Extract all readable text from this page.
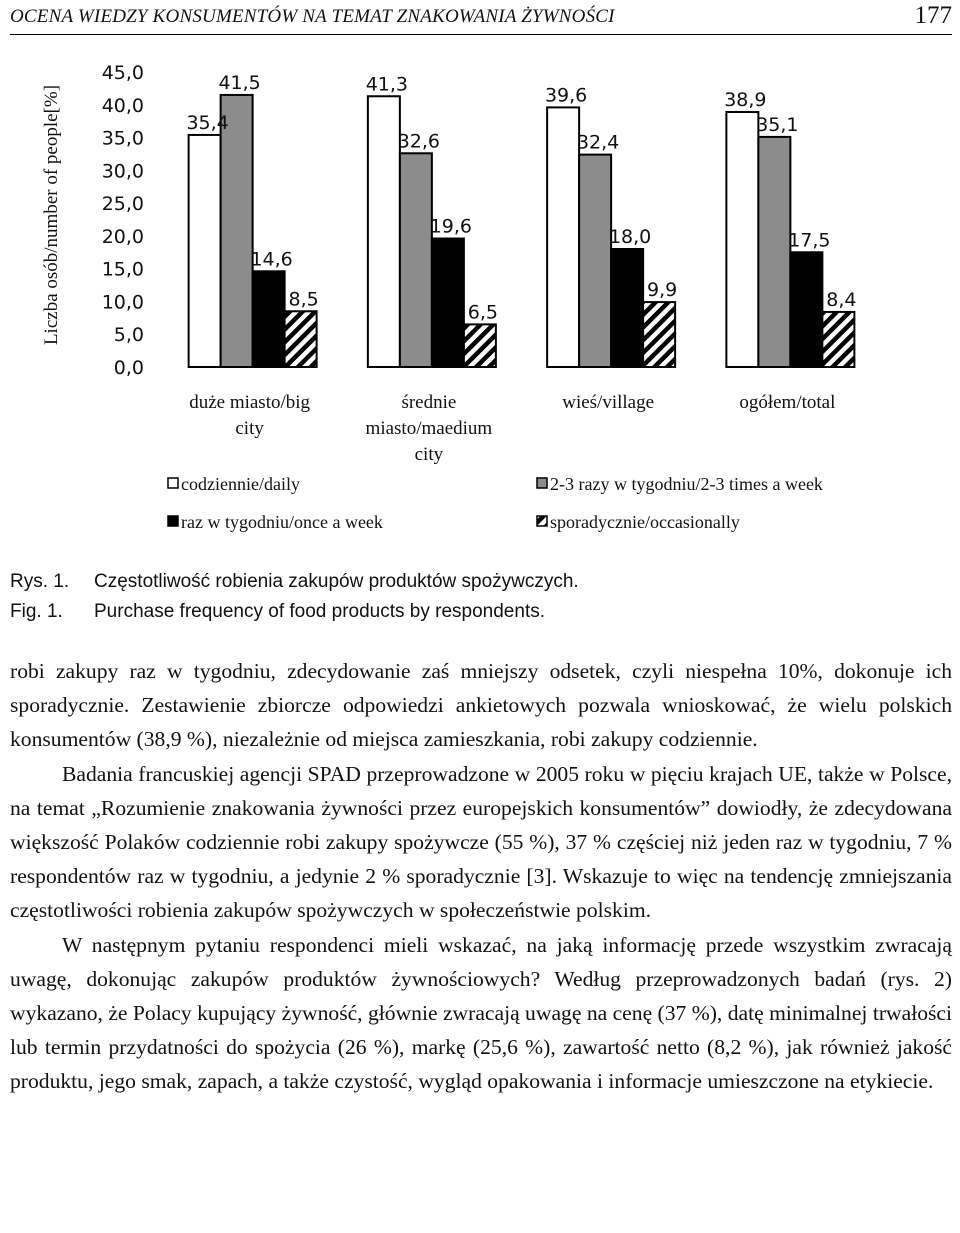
OCENA WIEDZY KONSUMENTÓW NA TEMAT ZNAKOWANIA ŻYWNOŚCI	177
Liczba osób/number of people[%]
0,0
5,0
10,0
15,0
20,0
25,0
30,0
35,0
40,0
45,0
35,4
41,3
39,6	38,9
41,5
32,6	32,4
35,1
14,6
19,6	18,0	17,5
8,5
6,5
9,9	8,4
duże miasto/big
city
średnie
miasto/maedium
city
wieś/village	ogółem/total
codziennie/daily	2-3 razy w tygodniu/2-3 times a week
raz w tygodniu/once a week	sporadycznie/occasionally
Rys. 1.	Częstotliwość robienia zakupów produktów spożywczych.
Fig. 1.	Purchase frequency of food products by respondents.

robi zakupy raz w tygodniu, zdecydowanie zaś mniejszy odsetek, czyli niespełna 10%, dokonuje ich sporadycznie. Zestawienie zbiorcze odpowiedzi ankietowych pozwala wnioskować, że wielu polskich konsumentów (38,9 %), niezależnie od miejsca zamieszkania, robi zakupy codziennie.

Badania francuskiej agencji SPAD przeprowadzone w 2005 roku w pięciu krajach UE, także w Polsce, na temat „Rozumienie znakowania żywności przez europejskich konsumentów” dowiodły, że zdecydowana większość Polaków codziennie robi zakupy spożywcze (55 %), 37 % częściej niż jeden raz w tygodniu, 7 % respondentów raz w tygodniu, a jedynie 2 % sporadycznie [3]. Wskazuje to więc na tendencję zmniejszania częstotliwości robienia zakupów spożywczych w społeczeństwie polskim.

W następnym pytaniu respondenci mieli wskazać, na jaką informację przede wszystkim zwracają uwagę, dokonując zakupów produktów żywnościowych? Według przeprowadzonych badań (rys. 2) wykazano, że Polacy kupujący żywność, głównie zwracają uwagę na cenę (37 %), datę minimalnej trwałości lub termin przydatności do spożycia (26 %), markę (25,6 %), zawartość netto (8,2 %), jak również jakość produktu, jego smak, zapach, a także czystość, wygląd opakowania i informacje umieszczone na etykiecie.
